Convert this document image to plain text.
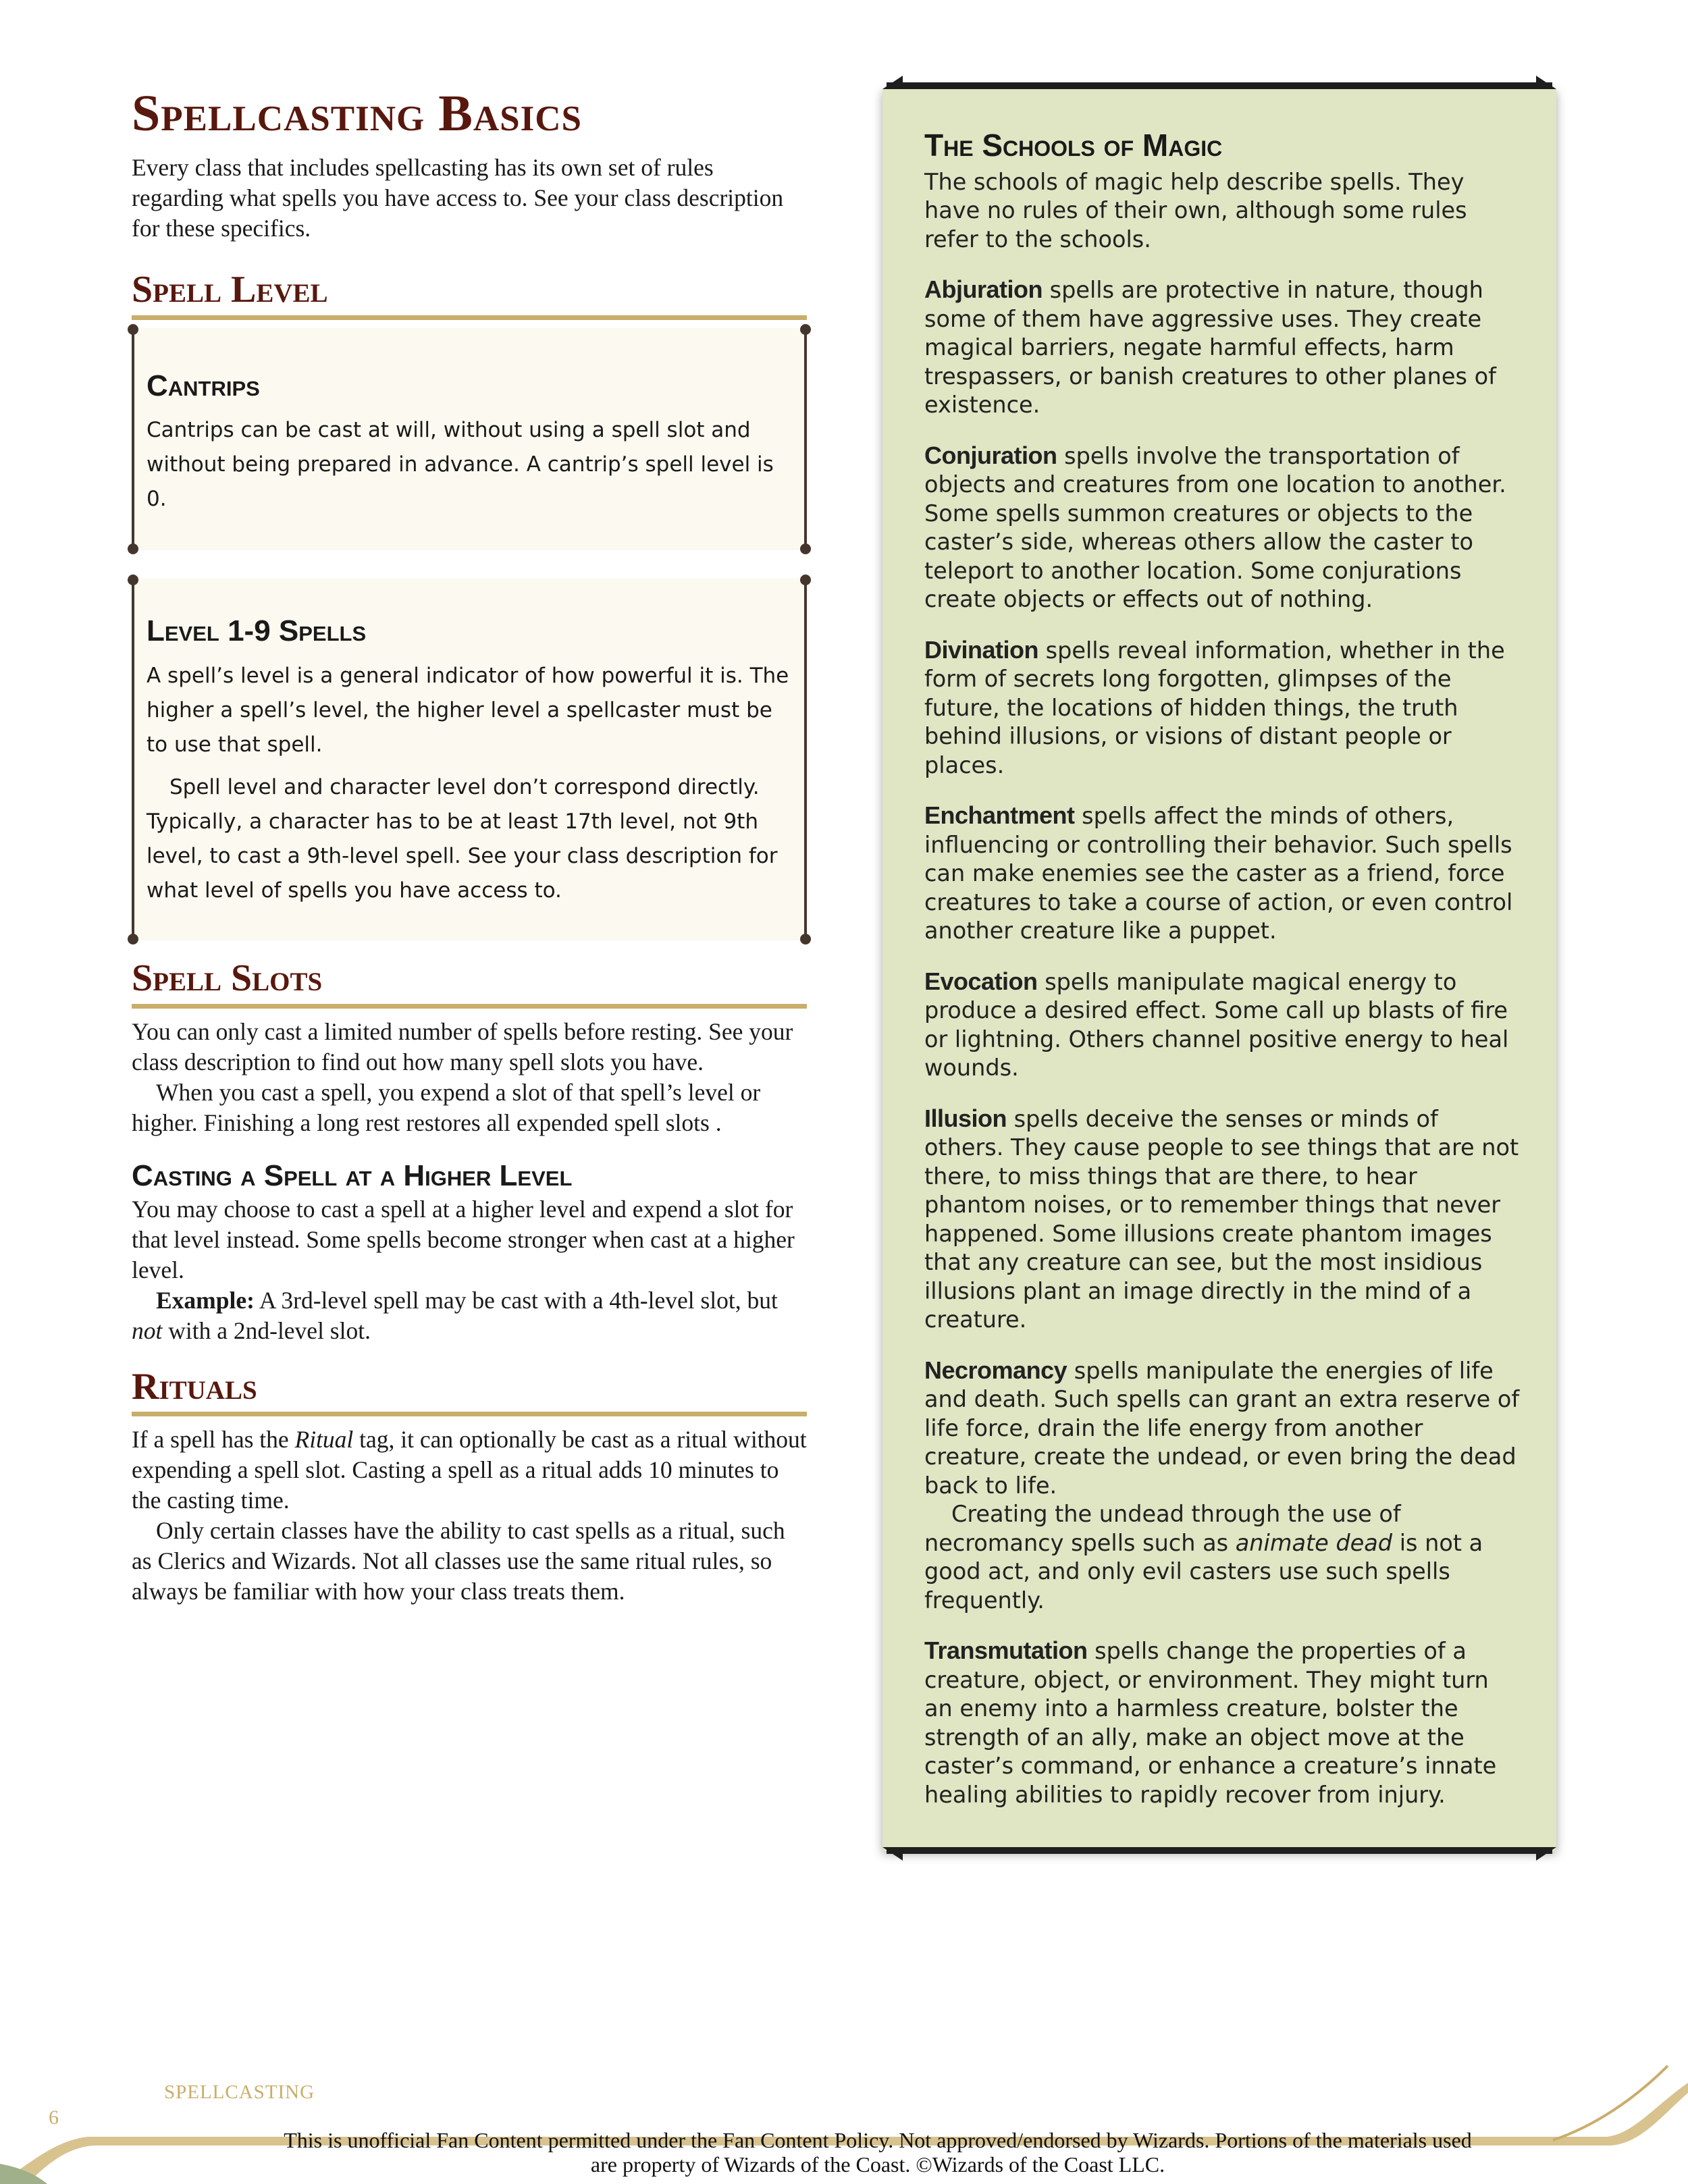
Spellcasting Basics

Every class that includes spellcasting has its own set of rules regarding what spells you have access to. See your class description for these specifics.

Spell Level
Cantrips

Cantrips can be cast at will, without using a spell slot and without being prepared in advance. A cantrip’s spell level is 0.

Level 1-9 Spells

A spell’s level is a general indicator of how powerful it is. The higher a spell’s level, the higher level a spellcaster must be to use that spell.

Spell level and character level don’t correspond directly. Typically, a character has to be at least 17th level, not 9th level, to cast a 9th-level spell. See your class description for what level of spells you have access to.

Spell Slots

You can only cast a limited number of spells before resting. See your class description to find out how many spell slots you have.

When you cast a spell, you expend a slot of that spell’s level or higher. Finishing a long rest restores all expended spell slots .

Casting a Spell at a Higher Level

You may choose to cast a spell at a higher level and expend a slot for that level instead. Some spells become stronger when cast at a higher level.

Example: A 3rd-level spell may be cast with a 4th-level slot, but not with a 2nd-level slot.

Rituals

If a spell has the Ritual tag, it can optionally be cast as a ritual without expending a spell slot. Casting a spell as a ritual adds 10 minutes to the casting time.

Only certain classes have the ability to cast spells as a ritual, such as Clerics and Wizards. Not all classes use the same ritual rules, so always be familiar with how your class treats them.

The Schools of Magic

The schools of magic help describe spells. They have no rules of their own, although some rules refer to the schools.

Abjuration spells are protective in nature, though some of them have aggressive uses. They create magical barriers, negate harmful effects, harm trespassers, or banish creatures to other planes of existence.

Conjuration spells involve the transportation of objects and creatures from one location to another. Some spells summon creatures or objects to the caster’s side, whereas others allow the caster to teleport to another location. Some conjurations create objects or effects out of nothing.

Divination spells reveal information, whether in the form of secrets long forgotten, glimpses of the future, the locations of hidden things, the truth behind illusions, or visions of distant people or places.

Enchantment spells affect the minds of others, influencing or controlling their behavior. Such spells can make enemies see the caster as a friend, force creatures to take a course of action, or even control another creature like a puppet.

Evocation spells manipulate magical energy to produce a desired effect. Some call up blasts of fire or lightning. Others channel positive energy to heal wounds.

Illusion spells deceive the senses or minds of others. They cause people to see things that are not there, to miss things that are there, to hear phantom noises, or to remember things that never happened. Some illusions create phantom images that any creature can see, but the most insidious illusions plant an image directly in the mind of a creature.

Necromancy spells manipulate the energies of life and death. Such spells can grant an extra reserve of life force, drain the life energy from another creature, create the undead, or even bring the dead back to life.

Creating the undead through the use of necromancy spells such as animate dead is not a good act, and only evil casters use such spells frequently.

Transmutation spells change the properties of a creature, object, or environment. They might turn an enemy into a harmless creature, bolster the strength of an ally, make an object move at the caster’s command, or enhance a creature’s innate healing abilities to rapidly recover from injury.

SPELLCASTING
6
This is unofficial Fan Content permitted under the Fan Content Policy. Not approved/endorsed by Wizards. Portions of the materials used
are property of Wizards of the Coast. ©Wizards of the Coast LLC.
